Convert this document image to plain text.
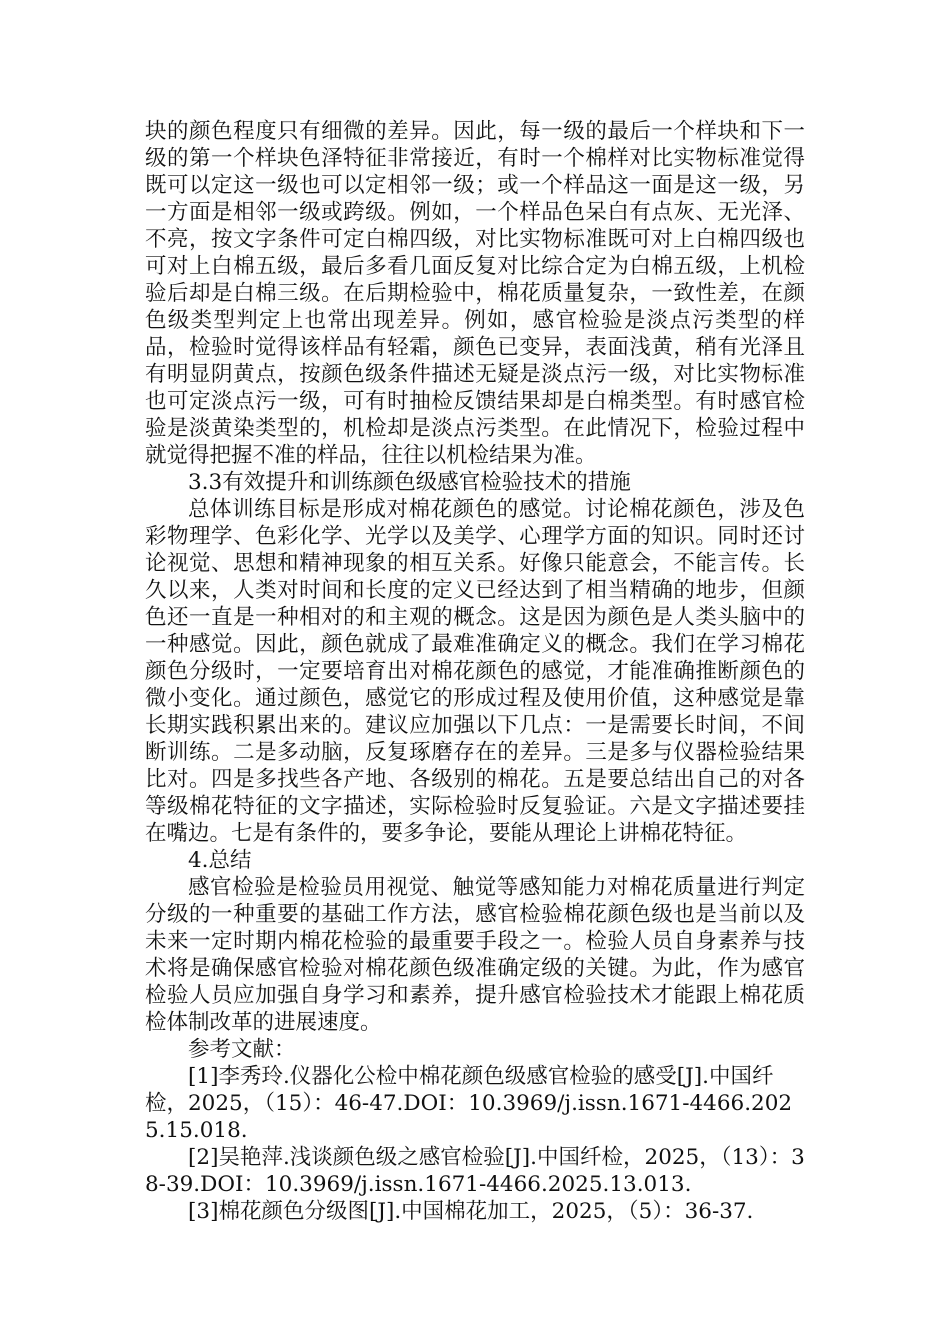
块的颜色程度只有细微的差异。因此，每一级的最后一个样块和下一级的第一个样块色泽特征非常接近，有时一个棉样对比实物标准觉得既可以定这一级也可以定相邻一级；或一个样品这一面是这一级，另一方面是相邻一级或跨级。例如，一个样品色呆白有点灰、无光泽、不亮，按文字条件可定白棉四级，对比实物标准既可对上白棉四级也可对上白棉五级，最后多看几面反复对比综合定为白棉五级，上机检验后却是白棉三级。在后期检验中，棉花质量复杂，一致性差，在颜色级类型判定上也常出现差异。例如，感官检验是淡点污类型的样品，检验时觉得该样品有轻霜，颜色已变异，表面浅黄，稍有光泽且有明显阴黄点，按颜色级条件描述无疑是淡点污一级，对比实物标准也可定淡点污一级，可有时抽检反馈结果却是白棉类型。有时感官检验是淡黄染类型的，机检却是淡点污类型。在此情况下，检验过程中就觉得把握不准的样品，往往以机检结果为准。

3.3有效提升和训练颜色级感官检验技术的措施

总体训练目标是形成对棉花颜色的感觉。讨论棉花颜色，涉及色彩物理学、色彩化学、光学以及美学、心理学方面的知识。同时还讨论视觉、思想和精神现象的相互关系。好像只能意会，不能言传。长久以来，人类对时间和长度的定义已经达到了相当精确的地步，但颜色还一直是一种相对的和主观的概念。这是因为颜色是人类头脑中的一种感觉。因此，颜色就成了最难准确定义的概念。我们在学习棉花颜色分级时，一定要培育出对棉花颜色的感觉，才能准确推断颜色的微小变化。通过颜色，感觉它的形成过程及使用价值，这种感觉是靠长期实践积累出来的。建议应加强以下几点：一是需要长时间，不间断训练。二是多动脑，反复琢磨存在的差异。三是多与仪器检验结果比对。四是多找些各产地、各级别的棉花。五是要总结出自己的对各等级棉花特征的文字描述，实际检验时反复验证。六是文字描述要挂在嘴边。七是有条件的，要多争论，要能从理论上讲棉花特征。

4.总结

感官检验是检验员用视觉、触觉等感知能力对棉花质量进行判定分级的一种重要的基础工作方法，感官检验棉花颜色级也是当前以及未来一定时期内棉花检验的最重要手段之一。检验人员自身素养与技术将是确保感官检验对棉花颜色级准确定级的关键。为此，作为感官检验人员应加强自身学习和素养，提升感官检验技术才能跟上棉花质检体制改革的进展速度。

参考文献：

[1]李秀玲.仪器化公检中棉花颜色级感官检验的感受[J].中国纤检，2025，（15）：46-47.DOI：10.3969/j.issn.1671-4466.2025.15.018.

[2]吴艳萍.浅谈颜色级之感官检验[J].中国纤检，2025，（13）：38-39.DOI：10.3969/j.issn.1671-4466.2025.13.013.

[3]棉花颜色分级图[J].中国棉花加工，2025，（5）：36-37.
